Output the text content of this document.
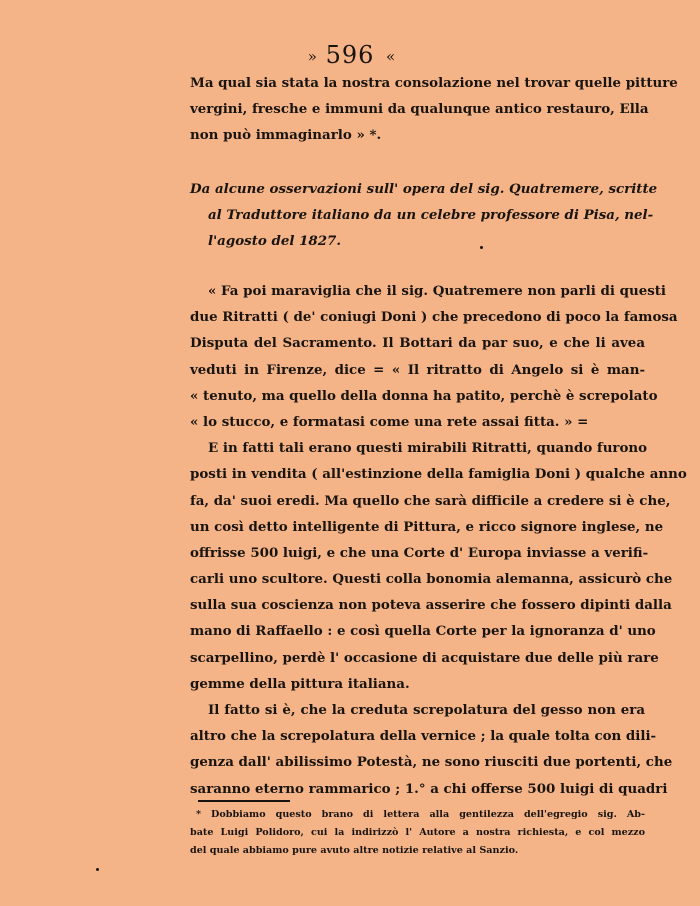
» 596 «
Ma qual sia stata la nostra consolazione nel trovar quelle pitture
vergini, fresche e immuni da qualunque antico restauro, Ella
non può immaginarlo » *.
Da alcune osservazioni sull' opera del sig. Quatremere, scritte
al Traduttore italiano da un celebre professore di Pisa, nel-
l'agosto del 1827.
« Fa poi maraviglia che il sig. Quatremere non parli di questi
due Ritratti ( de' coniugi Doni ) che precedono di poco la famosa
Disputa del Sacramento. Il Bottari da par suo, e che li avea
veduti in Firenze, dice = « Il ritratto di Angelo si è man-
« tenuto, ma quello della donna ha patito, perchè è screpolato
« lo stucco, e formatasi come una rete assai fitta. » =
E in fatti tali erano questi mirabili Ritratti, quando furono
posti in vendita ( all'estinzione della famiglia Doni ) qualche anno
fa, da' suoi eredi. Ma quello che sarà difficile a credere si è che,
un così detto intelligente di Pittura, e ricco signore inglese, ne
offrisse 500 luigi, e che una Corte d' Europa inviasse a verifi-
carli uno scultore. Questi colla bonomia alemanna, assicurò che
sulla sua coscienza non poteva asserire che fossero dipinti dalla
mano di Raffaello : e così quella Corte per la ignoranza d' uno
scarpellino, perdè l' occasione di acquistare due delle più rare
gemme della pittura italiana.
Il fatto si è, che la creduta screpolatura del gesso non era
altro che la screpolatura della vernice ; la quale tolta con dili-
genza dall' abilissimo Potestà, ne sono riusciti due portenti, che
saranno eterno rammarico ; 1.° a chi offerse 500 luigi di quadri
* Dobbiamo questo brano di lettera alla gentilezza dell'egregio sig. Ab-
bate Luigi Polidoro, cui la indirizzò l' Autore a nostra richiesta, e col mezzo
del quale abbiamo pure avuto altre notizie relative al Sanzio.
